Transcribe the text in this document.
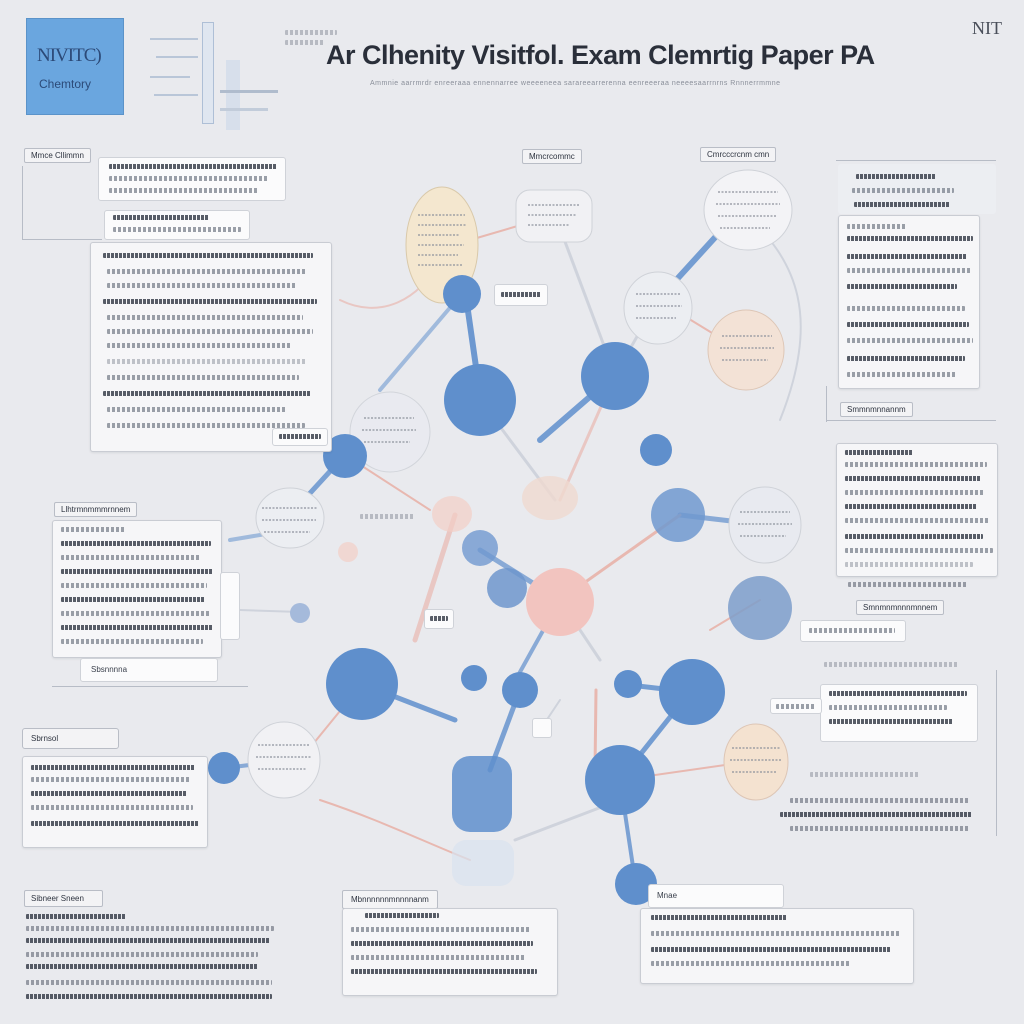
NIVITC)
Chemtory
Ar Clhenity Visitfol. Exam Clemrtig Paper PA
NIT
Ammnie aarrmrdr enreeraaa ennennarree weeeeneea sarareearrerenna eenreeeraa neeeesaarrnrns Rnnnerrmmne
Mmce Cllimmn	Mmcrcommc	Cmrcccrcnm cmn
Smmnmnnannm
Smnmnmnnnmnnem
Llhtrmnmmmrnnem
Sbsnnnna
Sbrnsol
Sibneer Sneen	Mbnnnnnnmnnnnanm	Mnae
